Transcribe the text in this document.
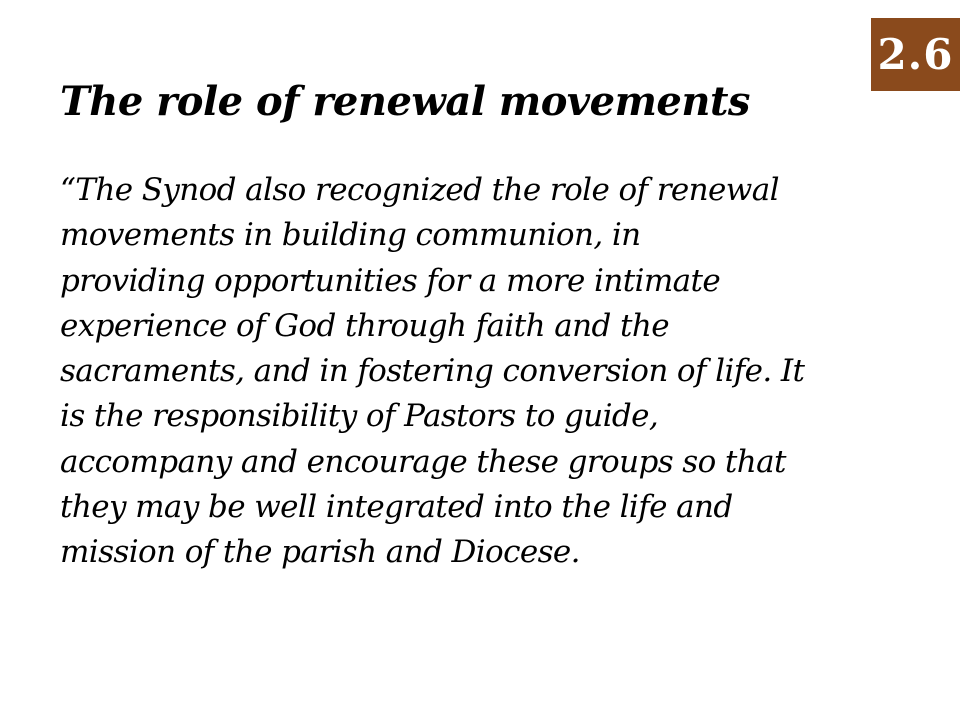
2.6
The role of renewal movements
“The Synod also recognized the role of renewal
movements in building communion, in
providing opportunities for a more intimate
experience of God through faith and the
sacraments, and in fostering conversion of life. It
is the responsibility of Pastors to guide,
accompany and encourage these groups so that
they may be well integrated into the life and
mission of the parish and Diocese.
